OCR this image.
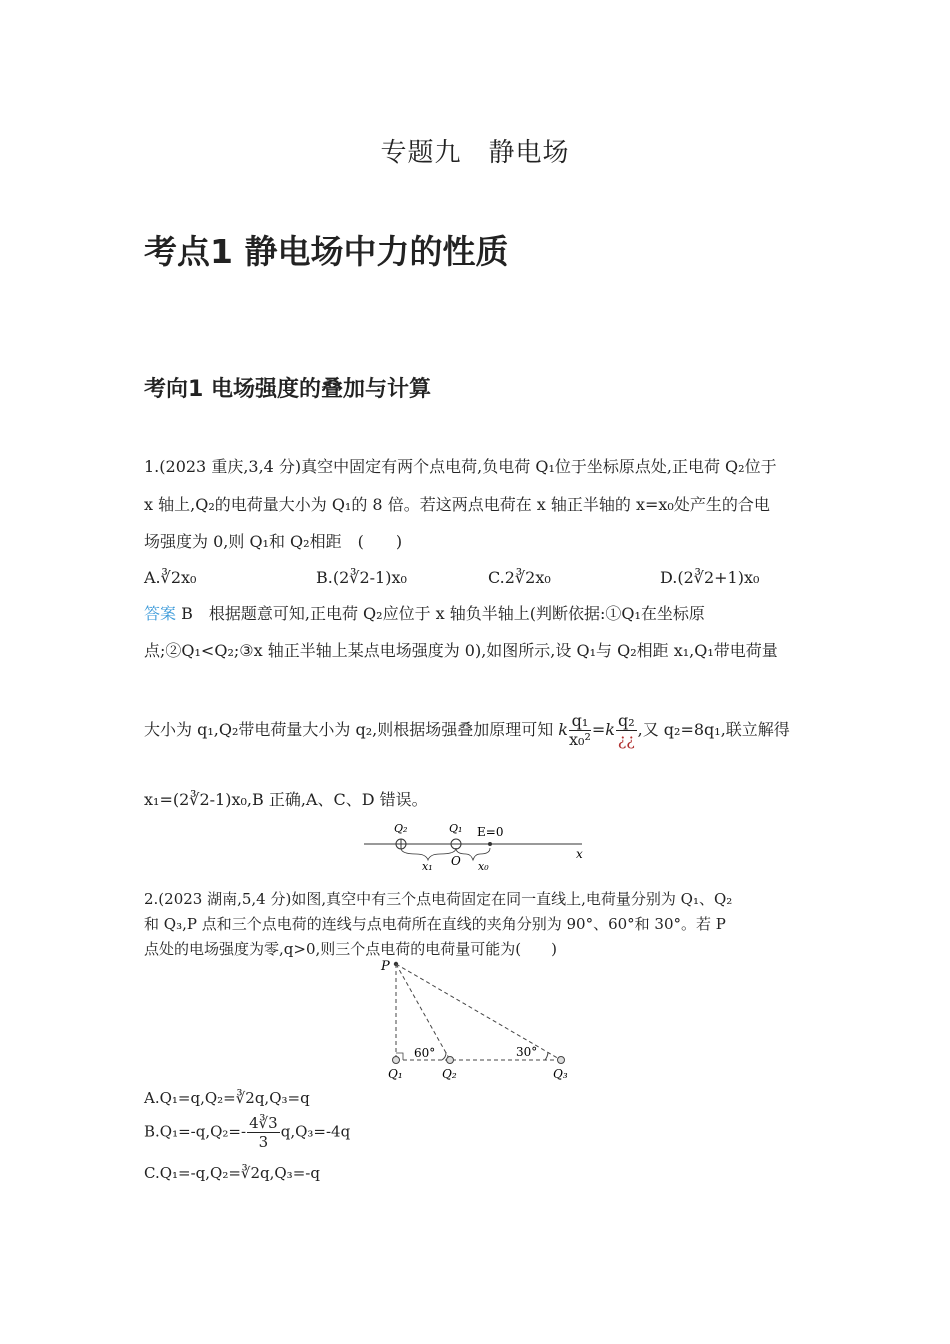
专题九　静电场
考点1 静电场中力的性质
考向1 电场强度的叠加与计算
1.(2023 重庆,3,4 分)真空中固定有两个点电荷,负电荷 Q₁位于坐标原点处,正电荷 Q₂位于
x 轴上,Q₂的电荷量大小为 Q₁的 8 倍。若这两点电荷在 x 轴正半轴的 x=x₀处产生的合电
场强度为 0,则 Q₁和 Q₂相距　(　　)
A.∛2x₀	B.(2∛2-1)x₀	C.2∛2x₀	D.(2∛2+1)x₀
答案 B　根据题意可知,正电荷 Q₂应位于 x 轴负半轴上(判断依据:①Q₁在坐标原
点;②Q₁<Q₂;③x 轴正半轴上某点电场强度为 0),如图所示,设 Q₁与 Q₂相距 x₁,Q₁带电荷量
大小为 q₁,Q₂带电荷量大小为 q₂,则根据场强叠加原理可知 k $\frac{\text{q₁}}{\text{x₀²}} =k \frac{\text{q₂}}{¿¿}$ ,又 q₂=8q₁,联立解得
x₁=(2∛2-1)x₀,B 正确,A、C、D 错误。
Q₂	Q₁ E=0
x₁ O x₀
x
2.(2023 湖南,5,4 分)如图,真空中有三个点电荷固定在同一直线上,电荷量分别为 Q₁、Q₂
和 Q₃,P 点和三个点电荷的连线与点电荷所在直线的夹角分别为 90°、60°和 30°。若 P
点处的电场强度为零,q>0,则三个点电荷的电荷量可能为(　　)
P
60°	30°
Q₁	Q₂	Q₃
A.Q₁=q,Q₂=∛2q,Q₃=q
$B.Q_1=-q,Q_2=- \frac{4∛3}{3} q,Q_3=-4q$
C.Q₁=-q,Q₂=∛2q,Q₃=-q
